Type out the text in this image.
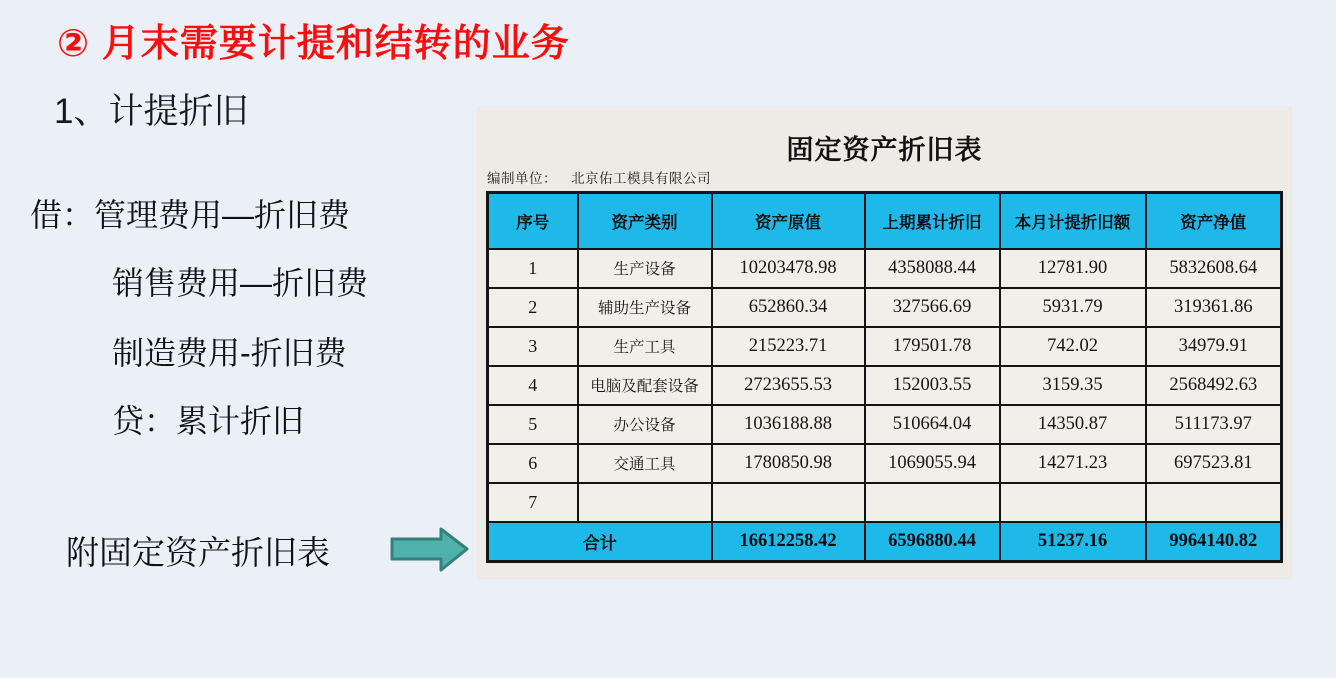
② 月末需要计提和结转的业务
1、计提折旧
借：管理费用—折旧费
销售费用—折旧费
制造费用-折旧费
贷：累计折旧
附固定资产折旧表
固定资产折旧表
编制单位： 北京佑工模具有限公司
序号	资产类别	资产原值	上期累计折旧	本月计提折旧额	资产净值
1	生产设备	10203478.98	4358088.44	12781.90	5832608.64
2	辅助生产设备	652860.34	327566.69	5931.79	319361.86
3	生产工具	215223.71	179501.78	742.02	34979.91
4	电脑及配套设备	2723655.53	152003.55	3159.35	2568492.63
5	办公设备	1036188.88	510664.04	14350.87	511173.97
6	交通工具	1780850.98	1069055.94	14271.23	697523.81
7					
合计		16612258.42	6596880.44	51237.16	9964140.82
